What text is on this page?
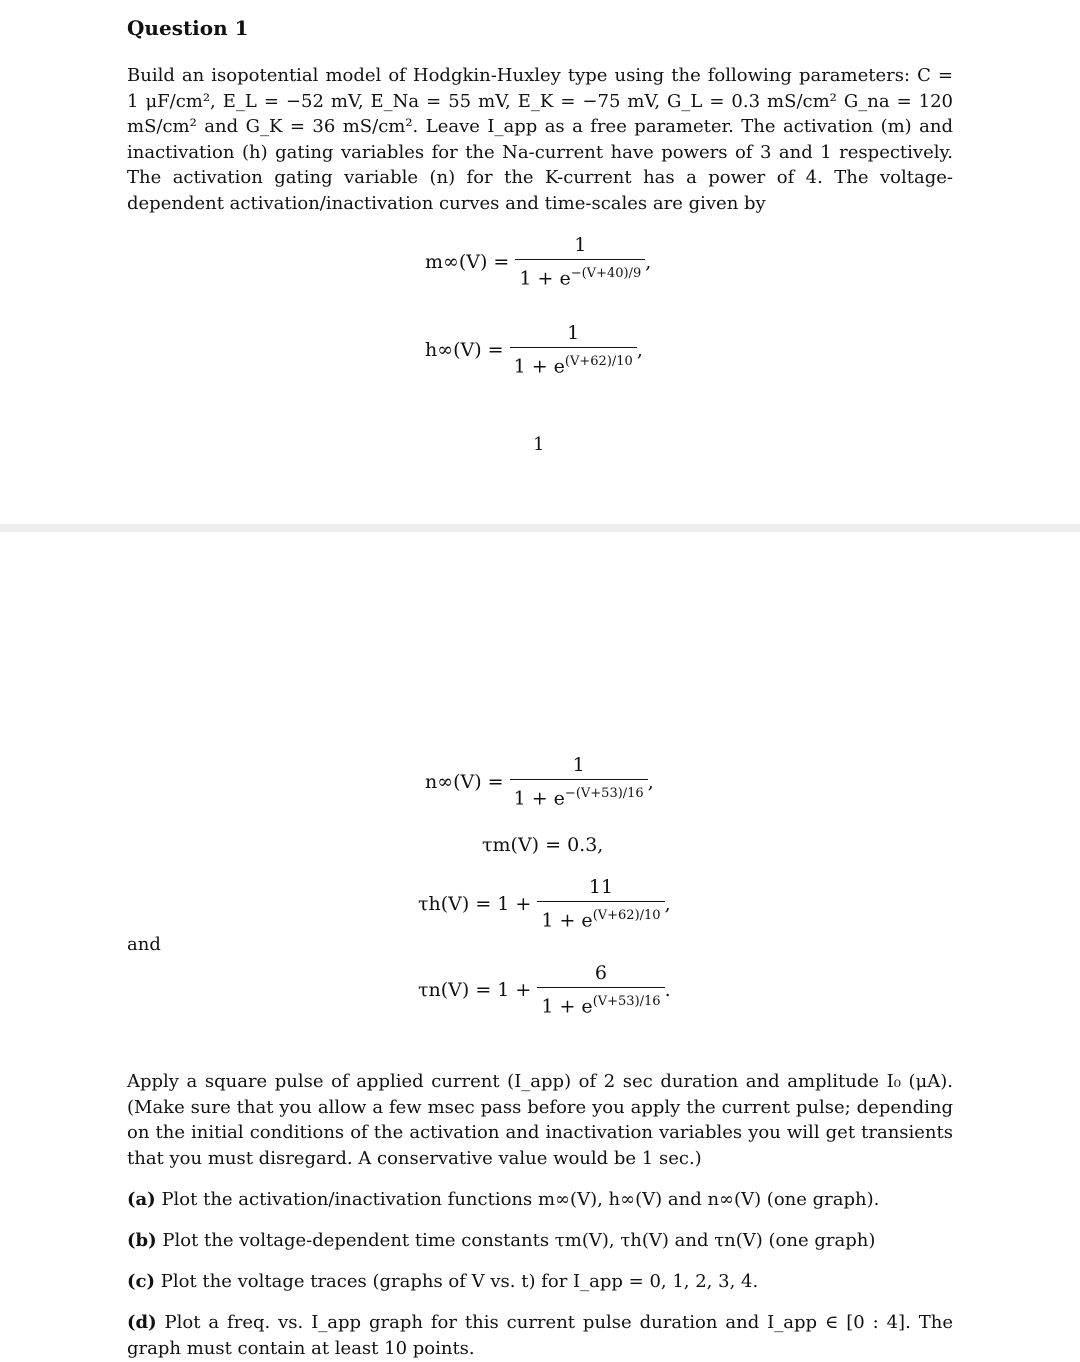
Question 1
Build an isopotential model of Hodgkin-Huxley type using the following parameters: C = 1 μF/cm², E_L = −52 mV, E_Na = 55 mV, E_K = −75 mV, G_L = 0.3 mS/cm² G_na = 120 mS/cm² and G_K = 36 mS/cm². Leave I_app as a free parameter. The activation (m) and inactivation (h) gating variables for the Na-current have powers of 3 and 1 respectively. The activation gating variable (n) for the K-current has a power of 4. The voltage-dependent activation/inactivation curves and time-scales are given by
$m\infty(V) = \frac{1}{1 + e^{-(V+40)/9}}$ ,
$h\infty(V) = \frac{1}{1 + e^{(V+62)/10}}$ ,
1
$n\infty(V) = \frac{1}{1 + e^{-(V+53)/16}}$ ,
τm(V) = 0.3,
$\tau h(V) = 1 + \frac{11}{1 + e^{(V+62)/10}}$ ,
and
$\tau n(V) = 1 + \frac{6}{1 + e^{(V+53)/16}}$ .
Apply a square pulse of applied current (I_app) of 2 sec duration and amplitude I₀ (μA). (Make sure that you allow a few msec pass before you apply the current pulse; depending on the initial conditions of the activation and inactivation variables you will get transients that you must disregard. A conservative value would be 1 sec.)
(a) Plot the activation/inactivation functions m∞(V), h∞(V) and n∞(V) (one graph).
(b) Plot the voltage-dependent time constants τm(V), τh(V) and τn(V) (one graph)
(c) Plot the voltage traces (graphs of V vs. t) for I_app = 0, 1, 2, 3, 4.
(d) Plot a freq. vs. I_app graph for this current pulse duration and I_app ∈ [0 : 4]. The graph must contain at least 10 points.
